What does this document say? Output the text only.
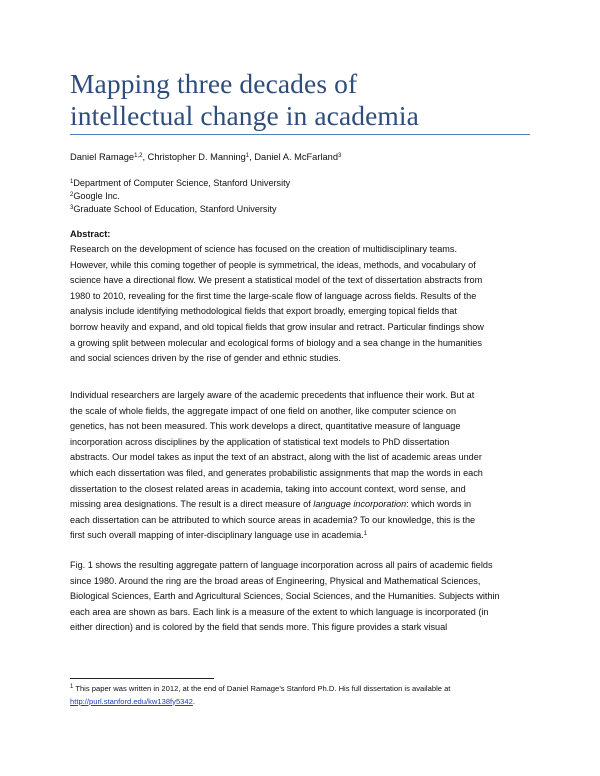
Mapping three decades of
intellectual change in academia
Daniel Ramage$^{1,2}$, Christopher D. Manning$^1$, Daniel A. McFarland$^3$
$^1$Department of Computer Science, Stanford University
$^2$Google Inc.
$^3$Graduate School of Education, Stanford University
Abstract:
Research on the development of science has focused on the creation of multidisciplinary teams.
However, while this coming together of people is symmetrical, the ideas, methods, and vocabulary of
science have a directional flow. We present a statistical model of the text of dissertation abstracts from
1980 to 2010, revealing for the first time the large-scale flow of language across fields. Results of the
analysis include identifying methodological fields that export broadly, emerging topical fields that
borrow heavily and expand, and old topical fields that grow insular and retract. Particular findings show
a growing split between molecular and ecological forms of biology and a sea change in the humanities
and social sciences driven by the rise of gender and ethnic studies.
Individual researchers are largely aware of the academic precedents that influence their work. But at
the scale of whole fields, the aggregate impact of one field on another, like computer science on
genetics, has not been measured. This work develops a direct, quantitative measure of language
incorporation across disciplines by the application of statistical text models to PhD dissertation
abstracts. Our model takes as input the text of an abstract, along with the list of academic areas under
which each dissertation was filed, and generates probabilistic assignments that map the words in each
dissertation to the closest related areas in academia, taking into account context, word sense, and
missing area designations. The result is a direct measure of language incorporation: which words in
each dissertation can be attributed to which source areas in academia? To our knowledge, this is the
first such overall mapping of inter-disciplinary language use in academia.$^1$
Fig. 1 shows the resulting aggregate pattern of language incorporation across all pairs of academic fields
since 1980. Around the ring are the broad areas of Engineering, Physical and Mathematical Sciences,
Biological Sciences, Earth and Agricultural Sciences, Social Sciences, and the Humanities. Subjects within
each area are shown as bars. Each link is a measure of the extent to which language is incorporated (in
either direction) and is colored by the field that sends more. This figure provides a stark visual
$^1$ This paper was written in 2012, at the end of Daniel Ramage’s Stanford Ph.D. His full dissertation is available at
http://purl.stanford.edu/kw138fy5342.
